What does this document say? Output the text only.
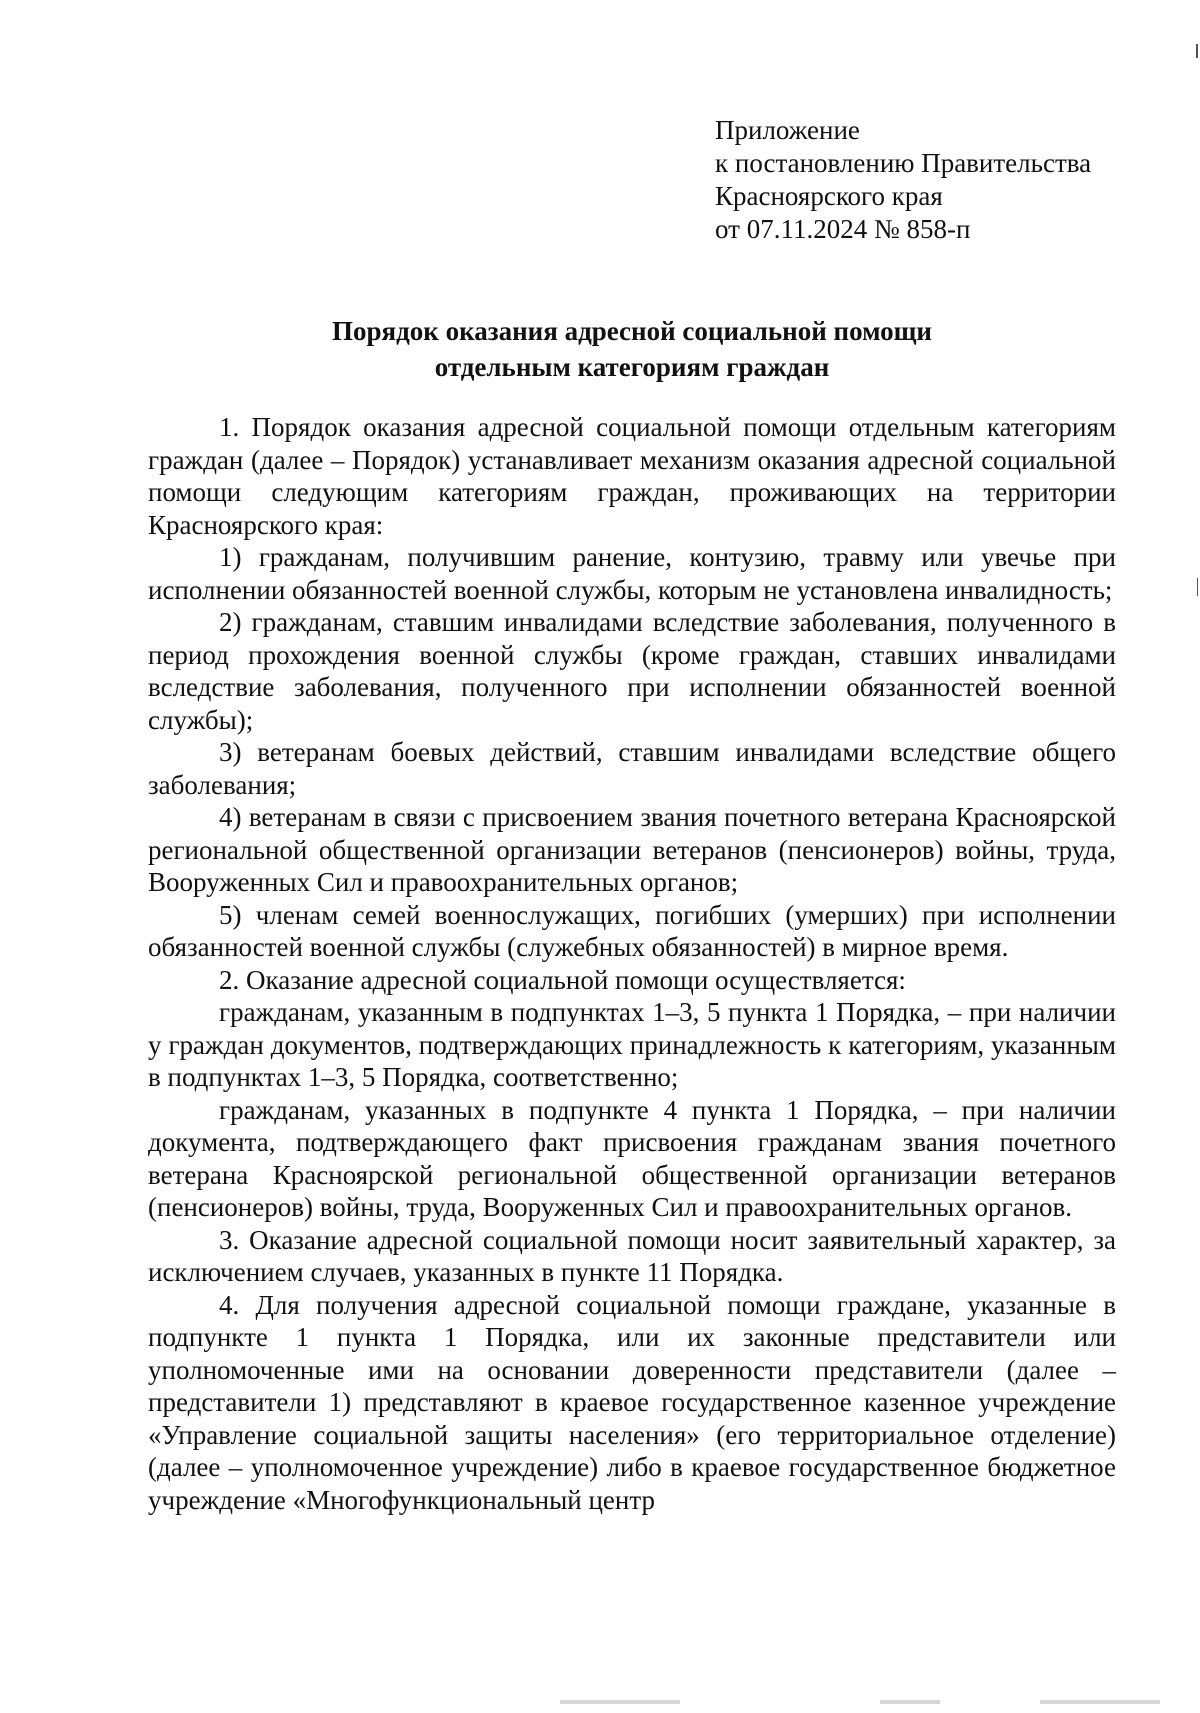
Приложение
к постановлению Правительства
Красноярского края
от 07.11.2024 № 858-п
Порядок оказания адресной социальной помощи
отдельным категориям граждан

1. Порядок оказания адресной социальной помощи отдельным категориям граждан (далее – Порядок) устанавливает механизм оказания адресной социальной помощи следующим категориям граждан, проживающих на территории Красноярского края:

1) гражданам, получившим ранение, контузию, травму или увечье при исполнении обязанностей военной службы, которым не установлена инвалидность;

2) гражданам, ставшим инвалидами вследствие заболевания, полученного в период прохождения военной службы (кроме граждан, ставших инвалидами вследствие заболевания, полученного при исполнении обязанностей военной службы);

3) ветеранам боевых действий, ставшим инвалидами вследствие общего заболевания;

4) ветеранам в связи с присвоением звания почетного ветерана Красноярской региональной общественной организации ветеранов (пенсионеров) войны, труда, Вооруженных Сил и правоохранительных органов;

5) членам семей военнослужащих, погибших (умерших) при исполнении обязанностей военной службы (служебных обязанностей) в мирное время.

2. Оказание адресной социальной помощи осуществляется:

гражданам, указанным в подпунктах 1–3, 5 пункта 1 Порядка, – при наличии у граждан документов, подтверждающих принадлежность к категориям, указанным в подпунктах 1–3, 5 Порядка, соответственно;

гражданам, указанных в подпункте 4 пункта 1 Порядка, – при наличии документа, подтверждающего факт присвоения гражданам звания почетного ветерана Красноярской региональной общественной организации ветеранов (пенсионеров) войны, труда, Вооруженных Сил и правоохранительных органов.

3. Оказание адресной социальной помощи носит заявительный характер, за исключением случаев, указанных в пункте 11 Порядка.

4. Для получения адресной социальной помощи граждане, указанные в подпункте 1 пункта 1 Порядка, или их законные представители или уполномоченные ими на основании доверенности представители (далее – представители 1) представляют в краевое государственное казенное учреждение «Управление социальной защиты населения» (его территориальное отделение) (далее – уполномоченное учреждение) либо в краевое государственное бюджетное учреждение «Многофункциональный центр
